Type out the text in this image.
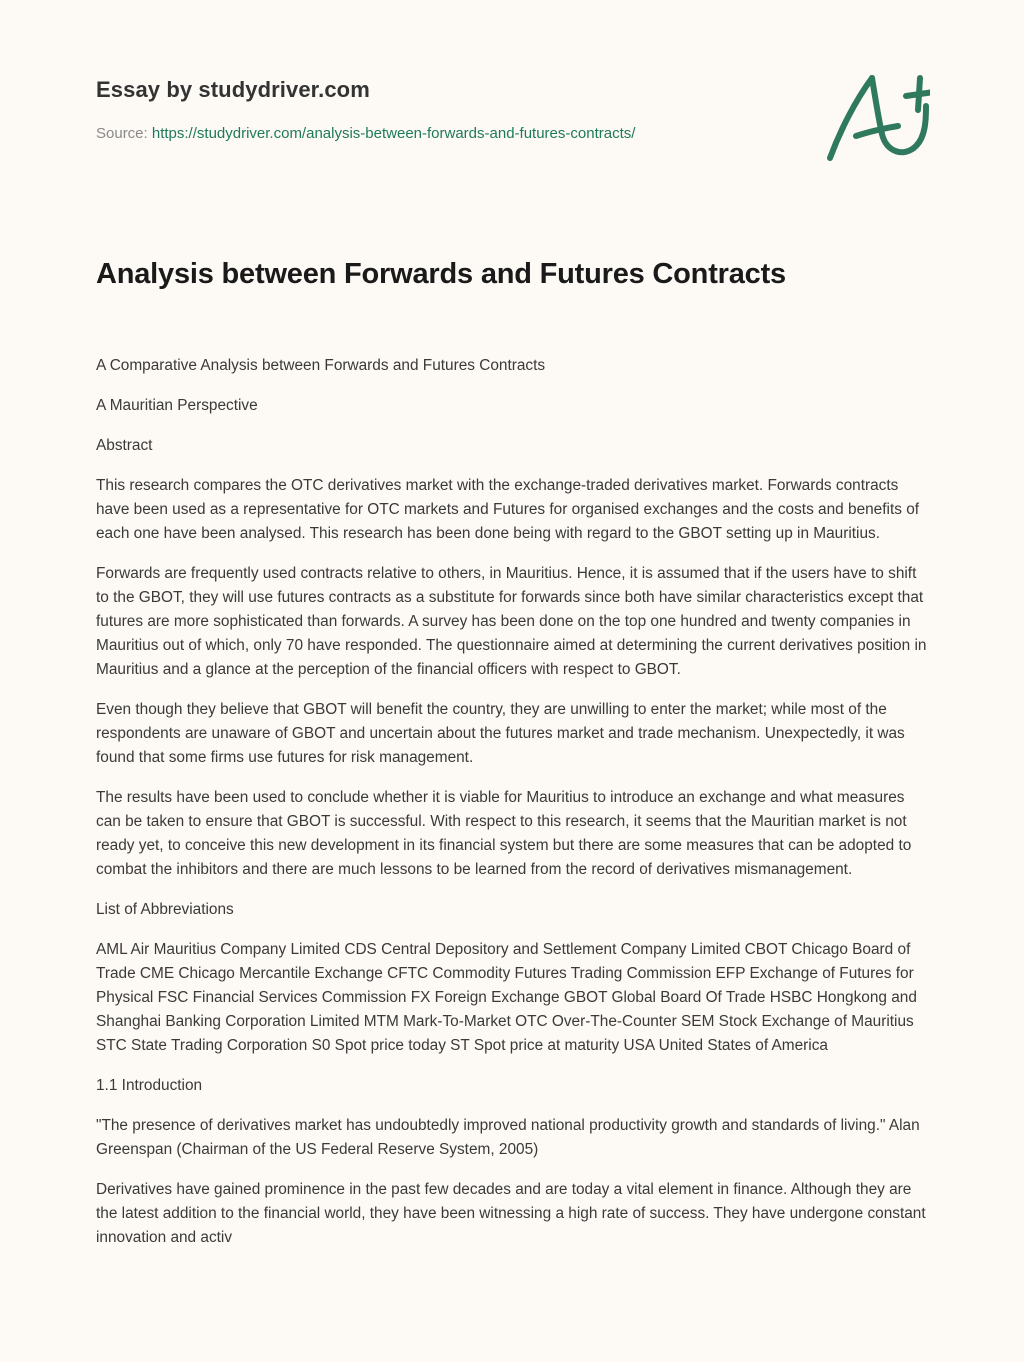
Essay by studydriver.com
Source: https://studydriver.com/analysis-between-forwards-and-futures-contracts/
Analysis between Forwards and Futures Contracts

A Comparative Analysis between Forwards and Futures Contracts

A Mauritian Perspective

Abstract

This research compares the OTC derivatives market with the exchange-traded derivatives market. Forwards contracts have been used as a representative for OTC markets and Futures for organised exchanges and the costs and benefits of each one have been analysed. This research has been done being with regard to the GBOT setting up in Mauritius.

Forwards are frequently used contracts relative to others, in Mauritius. Hence, it is assumed that if the users have to shift to the GBOT, they will use futures contracts as a substitute for forwards since both have similar characteristics except that futures are more sophisticated than forwards. A survey has been done on the top one hundred and twenty companies in Mauritius out of which, only 70 have responded. The questionnaire aimed at determining the current derivatives position in Mauritius and a glance at the perception of the financial officers with respect to GBOT.

Even though they believe that GBOT will benefit the country, they are unwilling to enter the market; while most of the respondents are unaware of GBOT and uncertain about the futures market and trade mechanism. Unexpectedly, it was found that some firms use futures for risk management.

The results have been used to conclude whether it is viable for Mauritius to introduce an exchange and what measures can be taken to ensure that GBOT is successful. With respect to this research, it seems that the Mauritian market is not ready yet, to conceive this new development in its financial system but there are some measures that can be adopted to combat the inhibitors and there are much lessons to be learned from the record of derivatives mismanagement.

List of Abbreviations

AML Air Mauritius Company Limited CDS Central Depository and Settlement Company Limited CBOT Chicago Board of Trade CME Chicago Mercantile Exchange CFTC Commodity Futures Trading Commission EFP Exchange of Futures for Physical FSC Financial Services Commission FX Foreign Exchange GBOT Global Board Of Trade HSBC Hongkong and Shanghai Banking Corporation Limited MTM Mark-To-Market OTC Over-The-Counter SEM Stock Exchange of Mauritius STC State Trading Corporation S0 Spot price today ST Spot price at maturity USA United States of America

1.1 Introduction

"The presence of derivatives market has undoubtedly improved national productivity growth and standards of living." Alan Greenspan (Chairman of the US Federal Reserve System, 2005)

Derivatives have gained prominence in the past few decades and are today a vital element in finance. Although they are the latest addition to the financial world, they have been witnessing a high rate of success. They have undergone constant innovation and activ
